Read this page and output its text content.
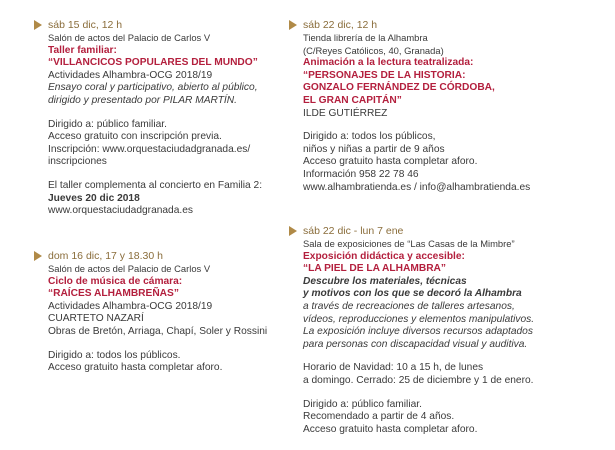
sáb 15 dic, 12 h
Salón de actos del Palacio de Carlos V
Taller familiar:
“VILLANCICOS POPULARES DEL MUNDO”
Actividades Alhambra-OCG 2018/19
Ensayo coral y participativo, abierto al público,
dirigido y presentado por PILAR MARTÍN.
Dirigido a: público familiar.
Acceso gratuito con inscripción previa.
Inscripción: www.orquestaciudadgranada.es/
inscripciones
El taller complementa al concierto en Familia 2:
Jueves 20 dic 2018
www.orquestaciudadgranada.es
dom 16 dic, 17 y 18.30 h
Salón de actos del Palacio de Carlos V
Ciclo de música de cámara:
“RAÍCES ALHAMBREÑAS”
Actividades Alhambra-OCG 2018/19
CUARTETO NAZARÍ
Obras de Bretón, Arriaga, Chapí, Soler y Rossini
Dirigido a: todos los públicos.
Acceso gratuito hasta completar aforo.
sáb 22 dic, 12 h
Tienda librería de la Alhambra
(C/Reyes Católicos, 40, Granada)
Animación a la lectura teatralizada:
“PERSONAJES DE LA HISTORIA:
GONZALO FERNÁNDEZ DE CÓRDOBA,
EL GRAN CAPITÁN”
ILDE GUTIÉRREZ
Dirigido a: todos los públicos,
niños y niñas a partir de 9 años
Acceso gratuito hasta completar aforo.
Información 958 22 78 46
www.alhambratienda.es / info@alhambratienda.es
sáb 22 dic - lun 7 ene
Sala de exposiciones de “Las Casas de la Mimbre”
Exposición didáctica y accesible:
“LA PIEL DE LA ALHAMBRA”
Descubre los materiales, técnicas
y motivos con los que se decoró la Alhambra
a través de recreaciones de talleres artesanos,
vídeos, reproducciones y elementos manipulativos.
La exposición incluye diversos recursos adaptados
para personas con discapacidad visual y auditiva.
Horario de Navidad: 10 a 15 h, de lunes
a domingo. Cerrado: 25 de diciembre y 1 de enero.
Dirigido a: público familiar.
Recomendado a partir de 4 años.
Acceso gratuito hasta completar aforo.
